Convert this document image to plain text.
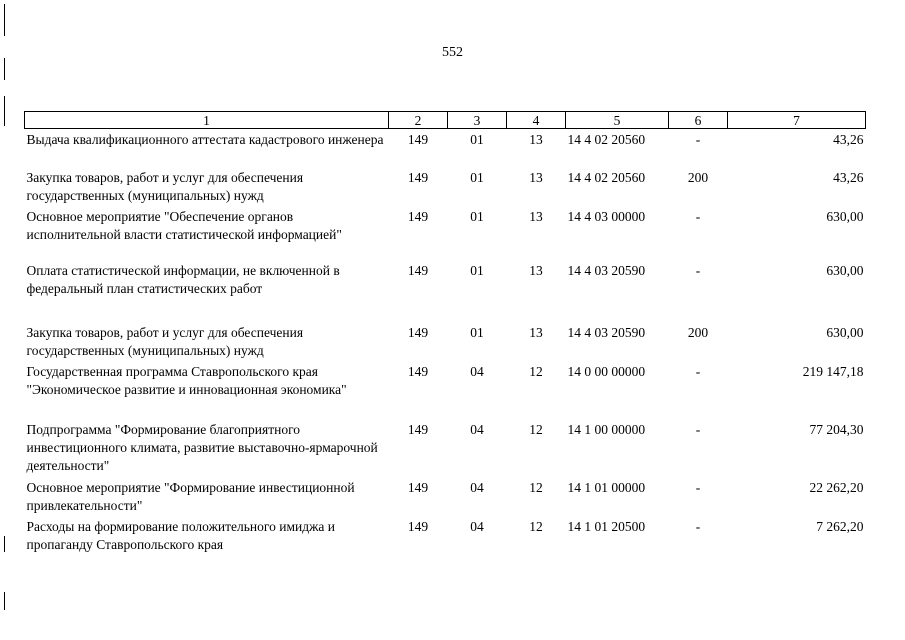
552
1	2	3	4	5	6	7
Выдача квалификационного аттестата кадастрового инженера	149	01	13	14 4 02 20560	-	43,26
Закупка товаров, работ и услуг для обеспечения государственных (муниципальных) нужд	149	01	13	14 4 02 20560	200	43,26
Основное мероприятие "Обеспечение органов исполнительной власти статистической информацией"	149	01	13	14 4 03 00000	-	630,00
Оплата статистической информации, не включенной в федеральный план статистических работ	149	01	13	14 4 03 20590	-	630,00
Закупка товаров, работ и услуг для обеспечения государственных (муниципальных) нужд	149	01	13	14 4 03 20590	200	630,00
Государственная программа Ставропольского края "Экономическое развитие и инновационная экономика"	149	04	12	14 0 00 00000	-	219 147,18
Подпрограмма "Формирование благоприятного инвестиционного климата, развитие выставочно-ярмарочной деятельности"	149	04	12	14 1 00 00000	-	77 204,30
Основное мероприятие "Формирование инвестиционной привлекательности"	149	04	12	14 1 01 00000	-	22 262,20
Расходы на формирование положительного имиджа и пропаганду Ставропольского края	149	04	12	14 1 01 20500	-	7 262,20
